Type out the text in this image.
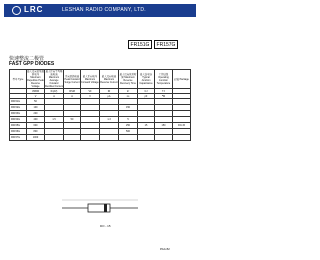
LRC	LESHAN RADIO COMPANY, LTD.
FR151G	FR157G
快速整流二极管
FAST GPP DIODES
型号 Type	最大反向重复峰值电压 Maximum Repetitive Peak Reverse Voltage	最大正向平均整流电流 Maximum Average Forward Rectified Current	正向浪涌电流 Peak Forward Surge Current	最大正向电压 Maximum Forward Voltage	最大反向电流 Maximum Reverse Current	最大反向恢复时间 Maximum Reverse Recovery Time	最大结电容 Typical Junction Capacitance	工作结温 Operating Junction Temperature	封装 Package
	VRRM	IF(AV)	IFSM	VF	IR	trr	CJ	TJ	
	V	A	A	V	μA	ns	pF	℃	
FR151G	50								
FR152G	100					150			
FR153G	200								
FR154G	400	1.5	50		1.3	5			
FR155G	600					250	15	150	DO-15
FR156G	800					500			
FR157G	1000								
DO - 15
PAA 82
